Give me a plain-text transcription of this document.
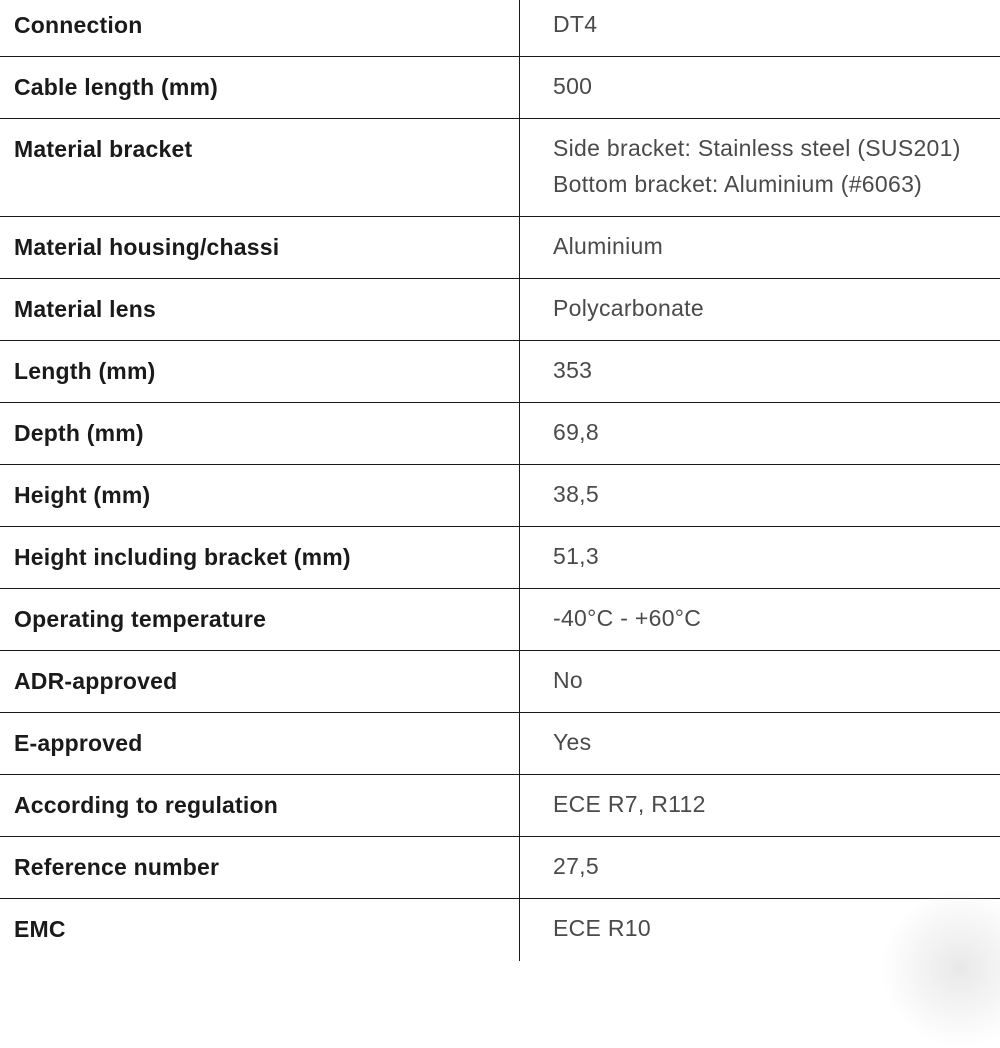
Connection	DT4
Cable length (mm)	500
Material bracket	Side bracket: Stainless steel (SUS201)
Bottom bracket: Aluminium (#6063)
Material housing/chassi	Aluminium
Material lens	Polycarbonate
Length (mm)	353
Depth (mm)	69,8
Height (mm)	38,5
Height including bracket (mm)	51,3
Operating temperature	-40°C - +60°C
ADR-approved	No
E-approved	Yes
According to regulation	ECE R7, R112
Reference number	27,5
EMC	ECE R10
